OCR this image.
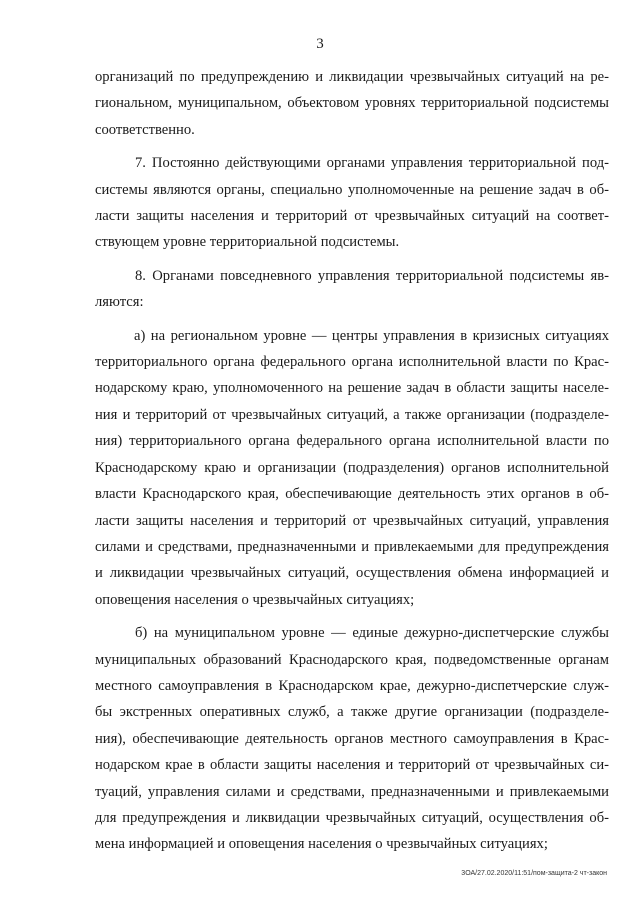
3
организаций по предупреждению и ликвидации чрезвычайных ситуаций на ре-
гиональном, муниципальном, объектовом уровнях территориальной подсистемы
соответственно.
7. Постоянно действующими органами управления территориальной под-
системы являются органы, специально уполномоченные на решение задач в об-
ласти защиты населения и территорий от чрезвычайных ситуаций на соответ-
ствующем уровне территориальной подсистемы.
8. Органами повседневного управления территориальной подсистемы яв-
ляются:
а) на региональном уровне — центры управления в кризисных ситуациях
территориального органа федерального органа исполнительной власти по Крас-
нодарскому краю, уполномоченного на решение задач в области защиты населе-
ния и территорий от чрезвычайных ситуаций, а также организации (подразделе-
ния) территориального органа федерального органа исполнительной власти по
Краснодарскому краю и организации (подразделения) органов исполнительной
власти Краснодарского края, обеспечивающие деятельность этих органов в об-
ласти защиты населения и территорий от чрезвычайных ситуаций, управления
силами и средствами, предназначенными и привлекаемыми для предупреждения
и ликвидации чрезвычайных ситуаций, осуществления обмена информацией и
оповещения населения о чрезвычайных ситуациях;
б) на муниципальном уровне — единые дежурно-диспетчерские службы
муниципальных образований Краснодарского края, подведомственные органам
местного самоуправления в Краснодарском крае, дежурно-диспетчерские служ-
бы экстренных оперативных служб, а также другие организации (подразделе-
ния), обеспечивающие деятельность органов местного самоуправления в Крас-
нодарском крае в области защиты населения и территорий от чрезвычайных си-
туаций, управления силами и средствами, предназначенными и привлекаемыми
для предупреждения и ликвидации чрезвычайных ситуаций, осуществления об-
мена информацией и оповещения населения о чрезвычайных ситуациях;
3ОА/27.02.2020/11:51/пом-защита-2 чт-закон
